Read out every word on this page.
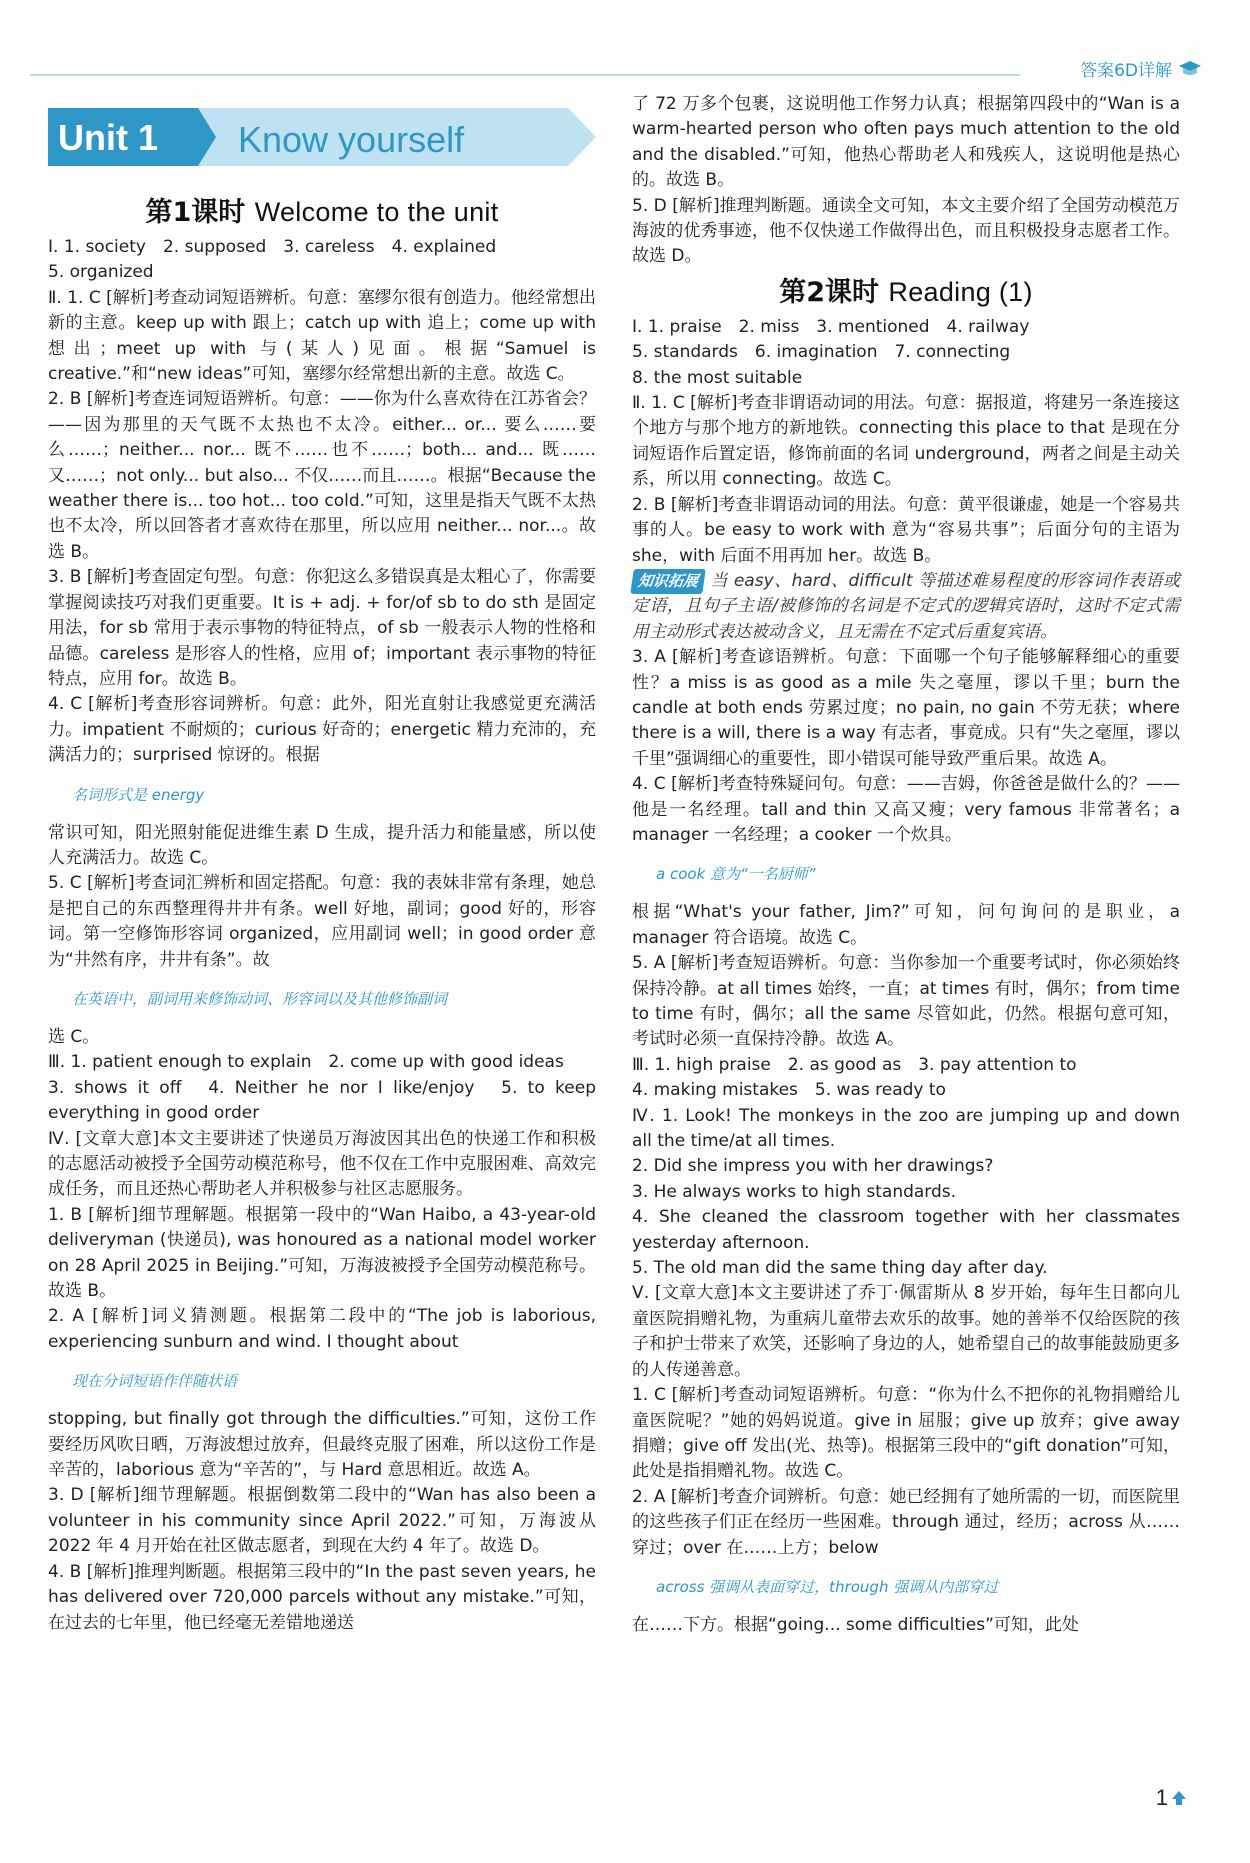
答案6D详解
Unit 1 Know yourself
第1课时 Welcome to the unit

Ⅰ. 1. society　2. supposed　3. careless　4. explained

5. organized

Ⅱ. 1. C [解析]考查动词短语辨析。句意：塞缪尔很有创造力。他经常想出新的主意。keep up with 跟上；catch up with 追上；come up with 想出；meet up with 与(某人)见面。根据“Samuel is creative.”和“new ideas”可知，塞缪尔经常想出新的主意。故选 C。

2. B [解析]考查连词短语辨析。句意：——你为什么喜欢待在江苏省会？——因为那里的天气既不太热也不太冷。either... or... 要么……要么……；neither... nor... 既不……也不……；both... and... 既……又……；not only... but also... 不仅……而且……。根据“Because the weather there is... too hot... too cold.”可知，这里是指天气既不太热也不太冷，所以回答者才喜欢待在那里，所以应用 neither... nor...。故选 B。

3. B [解析]考查固定句型。句意：你犯这么多错误真是太粗心了，你需要掌握阅读技巧对我们更重要。It is + adj. + for/of sb to do sth 是固定用法，for sb 常用于表示事物的特征特点，of sb 一般表示人物的性格和品德。careless 是形容人的性格，应用 of；important 表示事物的特征特点，应用 for。故选 B。

4. C [解析]考查形容词辨析。句意：此外，阳光直射让我感觉更充满活力。impatient 不耐烦的；curious 好奇的；energetic 精力充沛的，充满活力的；surprised 惊讶的。根据

名词形式是 energy

常识可知，阳光照射能促进维生素 D 生成，提升活力和能量感，所以使人充满活力。故选 C。

5. C [解析]考查词汇辨析和固定搭配。句意：我的表妹非常有条理，她总是把自己的东西整理得井井有条。well 好地，副词；good 好的，形容词。第一空修饰形容词 organized，应用副词 well；in good order 意为“井然有序，井井有条”。故

在英语中，副词用来修饰动词、形容词以及其他修饰副词

选 C。

Ⅲ. 1. patient enough to explain　2. come up with good ideas

3. shows it off　4. Neither he nor I like/enjoy　5. to keep everything in good order

Ⅳ. [文章大意]本文主要讲述了快递员万海波因其出色的快递工作和积极的志愿活动被授予全国劳动模范称号，他不仅在工作中克服困难、高效完成任务，而且还热心帮助老人并积极参与社区志愿服务。

1. B [解析]细节理解题。根据第一段中的“Wan Haibo, a 43-year-old deliveryman (快递员), was honoured as a national model worker on 28 April 2025 in Beijing.”可知，万海波被授予全国劳动模范称号。故选 B。

2. A [解析]词义猜测题。根据第二段中的“The job is laborious, experiencing sunburn and wind. I thought about

现在分词短语作伴随状语

stopping, but finally got through the difficulties.”可知，这份工作要经历风吹日晒，万海波想过放弃，但最终克服了困难，所以这份工作是辛苦的，laborious 意为“辛苦的”，与 Hard 意思相近。故选 A。

3. D [解析]细节理解题。根据倒数第二段中的“Wan has also been a volunteer in his community since April 2022.”可知，万海波从 2022 年 4 月开始在社区做志愿者，到现在大约 4 年了。故选 D。

4. B [解析]推理判断题。根据第三段中的“In the past seven years, he has delivered over 720,000 parcels without any mistake.”可知，在过去的七年里，他已经毫无差错地递送

了 72 万多个包裹，这说明他工作努力认真；根据第四段中的“Wan is a warm-hearted person who often pays much attention to the old and the disabled.”可知，他热心帮助老人和残疾人，这说明他是热心的。故选 B。

5. D [解析]推理判断题。通读全文可知，本文主要介绍了全国劳动模范万海波的优秀事迹，他不仅快递工作做得出色，而且积极投身志愿者工作。故选 D。

第2课时 Reading (1)

Ⅰ. 1. praise　2. miss　3. mentioned　4. railway

5. standards　6. imagination　7. connecting

8. the most suitable

Ⅱ. 1. C [解析]考查非谓语动词的用法。句意：据报道，将建另一条连接这个地方与那个地方的新地铁。connecting this place to that 是现在分词短语作后置定语，修饰前面的名词 underground，两者之间是主动关系，所以用 connecting。故选 C。

2. B [解析]考查非谓语动词的用法。句意：黄平很谦虚，她是一个容易共事的人。be easy to work with 意为“容易共事”；后面分句的主语为 she，with 后面不用再加 her。故选 B。

知识拓展 当 easy、hard、difficult 等描述难易程度的形容词作表语或定语，且句子主语/被修饰的名词是不定式的逻辑宾语时，这时不定式需用主动形式表达被动含义，且无需在不定式后重复宾语。

3. A [解析]考查谚语辨析。句意：下面哪一个句子能够解释细心的重要性？a miss is as good as a mile 失之毫厘，谬以千里；burn the candle at both ends 劳累过度；no pain, no gain 不劳无获；where there is a will, there is a way 有志者，事竟成。只有“失之毫厘，谬以千里”强调细心的重要性，即小错误可能导致严重后果。故选 A。

4. C [解析]考查特殊疑问句。句意：——吉姆，你爸爸是做什么的？——他是一名经理。tall and thin 又高又瘦；very famous 非常著名；a manager 一名经理；a cooker 一个炊具。

a cook 意为“一名厨师”

根据“What's your father, Jim?”可知，问句询问的是职业，a manager 符合语境。故选 C。

5. A [解析]考查短语辨析。句意：当你参加一个重要考试时，你必须始终保持冷静。at all times 始终，一直；at times 有时，偶尔；from time to time 有时，偶尔；all the same 尽管如此，仍然。根据句意可知，考试时必须一直保持冷静。故选 A。

Ⅲ. 1. high praise　2. as good as　3. pay attention to

4. making mistakes　5. was ready to

Ⅳ. 1. Look! The monkeys in the zoo are jumping up and down all the time/at all times.

2. Did she impress you with her drawings?

3. He always works to high standards.

4. She cleaned the classroom together with her classmates yesterday afternoon.

5. The old man did the same thing day after day.

Ⅴ. [文章大意]本文主要讲述了乔丁·佩雷斯从 8 岁开始，每年生日都向儿童医院捐赠礼物，为重病儿童带去欢乐的故事。她的善举不仅给医院的孩子和护士带来了欢笑，还影响了身边的人，她希望自己的故事能鼓励更多的人传递善意。

1. C [解析]考查动词短语辨析。句意：“你为什么不把你的礼物捐赠给儿童医院呢？”她的妈妈说道。give in 屈服；give up 放弃；give away 捐赠；give off 发出(光、热等)。根据第三段中的“gift donation”可知，此处是指捐赠礼物。故选 C。

2. A [解析]考查介词辨析。句意：她已经拥有了她所需的一切，而医院里的这些孩子们正在经历一些困难。through 通过，经历；across 从……穿过；over 在……上方；below

across 强调从表面穿过，through 强调从内部穿过

在……下方。根据“going... some difficulties”可知，此处

1
